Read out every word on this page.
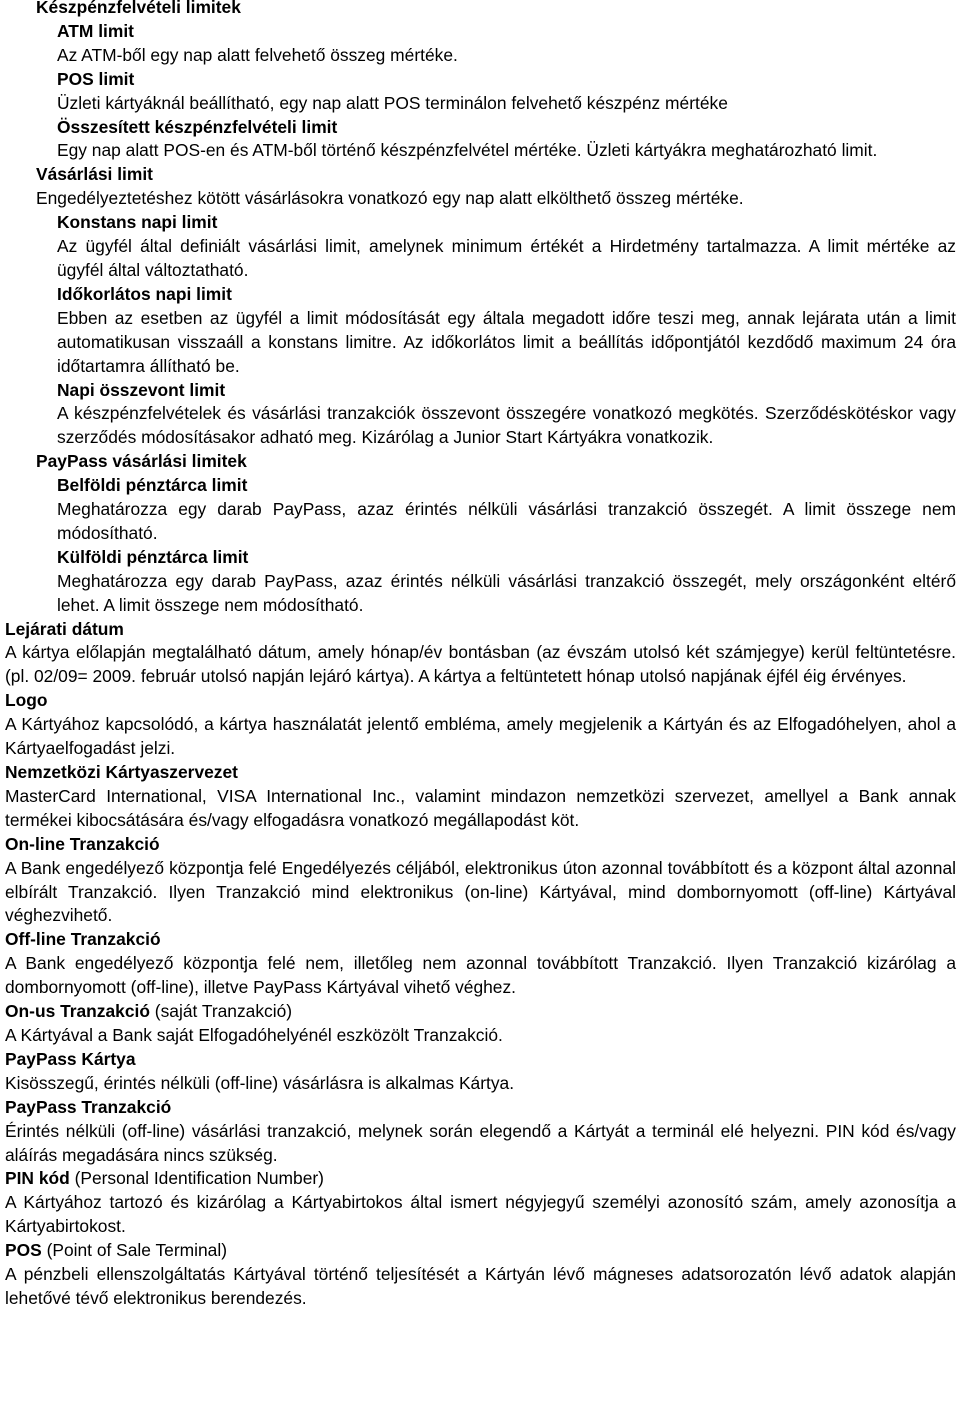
Készpénzfelvételi limitek

ATM limit

Az ATM-ből egy nap alatt felvehető összeg mértéke.

POS limit

Üzleti kártyáknál beállítható, egy nap alatt POS terminálon felvehető készpénz mértéke

Összesített készpénzfelvételi limit

Egy nap alatt POS-en és ATM-ből történő készpénzfelvétel mértéke. Üzleti kártyákra meghatározható limit.

Vásárlási limit

Engedélyeztetéshez kötött vásárlásokra vonatkozó egy nap alatt elkölthető összeg mértéke.

Konstans napi limit

Az ügyfél által definiált vásárlási limit, amelynek minimum értékét a Hirdetmény tartalmazza. A limit mértéke az ügyfél által változtatható.

Időkorlátos napi limit

Ebben az esetben az ügyfél a limit módosítását egy általa megadott időre teszi meg, annak lejárata után a limit automatikusan visszaáll a konstans limitre. Az időkorlátos limit a beállítás időpontjától kezdődő maximum 24 óra időtartamra állítható be.

Napi összevont limit

A készpénzfelvételek és vásárlási tranzakciók összevont összegére vonatkozó megkötés. Szerződéskötéskor vagy szerződés módosításakor adható meg. Kizárólag a Junior Start Kártyákra vonatkozik.

PayPass vásárlási limitek

Belföldi pénztárca limit

Meghatározza egy darab PayPass, azaz érintés nélküli vásárlási tranzakció összegét. A limit összege nem módosítható.

Külföldi pénztárca limit

Meghatározza egy darab PayPass, azaz érintés nélküli vásárlási tranzakció összegét, mely országonként eltérő lehet. A limit összege nem módosítható.

Lejárati dátum

A kártya előlapján megtalálható dátum, amely hónap/év bontásban (az évszám utolsó két számjegye) kerül feltüntetésre. (pl. 02/09= 2009. február utolsó napján lejáró kártya). A kártya a feltüntetett hónap utolsó napjának éjfél éig érvényes.

Logo

A Kártyához kapcsolódó, a kártya használatát jelentő embléma, amely megjelenik a Kártyán és az Elfogadóhelyen, ahol a Kártyaelfogadást jelzi.

Nemzetközi Kártyaszervezet

MasterCard International, VISA International Inc., valamint mindazon nemzetközi szervezet, amellyel a Bank annak termékei kibocsátására és/vagy elfogadásra vonatkozó megállapodást köt.

On-line Tranzakció

A Bank engedélyező központja felé Engedélyezés céljából, elektronikus úton azonnal továbbított és a központ által azonnal elbírált Tranzakció. Ilyen Tranzakció mind elektronikus (on-line) Kártyával, mind dombornyomott (off-line) Kártyával véghezvihető.

Off-line Tranzakció

A Bank engedélyező központja felé nem, illetőleg nem azonnal továbbított Tranzakció. Ilyen Tranzakció kizárólag a dombornyomott (off-line), illetve PayPass Kártyával vihető véghez.

On-us Tranzakció (saját Tranzakció)

A Kártyával a Bank saját Elfogadóhelyénél eszközölt Tranzakció.

PayPass Kártya

Kisösszegű, érintés nélküli (off-line) vásárlásra is alkalmas Kártya.

PayPass Tranzakció

Érintés nélküli (off-line) vásárlási tranzakció, melynek során elegendő a Kártyát a terminál elé helyezni. PIN kód és/vagy aláírás megadására nincs szükség.

PIN kód (Personal Identification Number)

A Kártyához tartozó és kizárólag a Kártyabirtokos által ismert négyjegyű személyi azonosító szám, amely azonosítja a Kártyabirtokost.

POS (Point of Sale Terminal)

A pénzbeli ellenszolgáltatás Kártyával történő teljesítését a Kártyán lévő mágneses adatsorozatón lévő adatok alapján lehetővé tévő elektronikus berendezés.
